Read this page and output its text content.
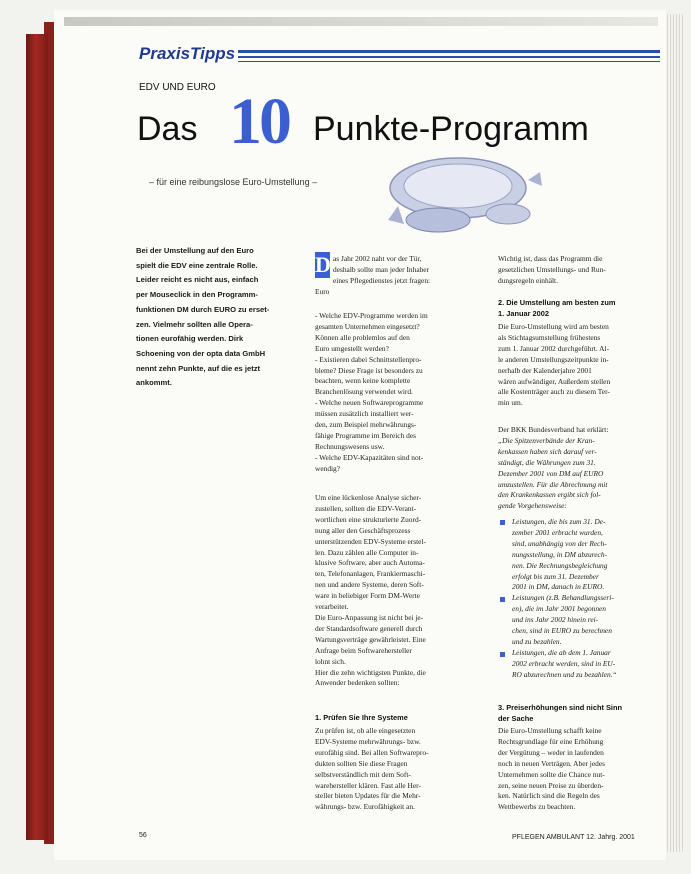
PraxisTipps
EDV UND EURO
Das 10 Punkte-Programm
– für eine reibungslose Euro-Umstellung –
Bei der Umstellung auf den Euro
spielt die EDV eine zentrale Rolle.
Leider reicht es nicht aus, einfach
per Mouseclick in den Programm-
funktionen DM durch EURO zu erset-
zen. Vielmehr sollten alle Opera-
tionen eurofähig werden. Dirk
Schoening von der opta data GmbH
nennt zehn Punkte, auf die es jetzt
ankommt.
D as Jahr 2002 naht vor der Tür,
deshalb sollte man jeder Inhaber
eines Pflegedienstes jetzt fragen:
Euro
- Welche EDV-Programme werden im
gesamten Unternehmen eingesetzt?
Können alle problemlos auf den
Euro umgestellt werden?
- Existieren dabei Schnittstellenpro-
bleme? Diese Frage ist besonders zu
beachten, wenn keine komplette
Branchenlösung verwendet wird.
- Welche neuen Softwareprogramme
müssen zusätzlich installiert wer-
den, zum Beispiel mehrwährungs-
fähige Programme im Bereich des
Rechnungswesens usw.
- Welche EDV-Kapazitäten sind not-
wendig?
Um eine lückenlose Analyse sicher-
zustellen, sollten die EDV-Verant-
wortlichen eine strukturierte Zuord-
nung aller den Geschäftsprozess
unterstützenden EDV-Systeme erstel-
len. Dazu zählen alle Computer in-
klusive Software, aber auch Automa-
ten, Telefonanlagen, Frankiermaschi-
nen und andere Systeme, deren Soft-
ware in beliebiger Form DM-Werte
verarbeitet.
Die Euro-Anpassung ist nicht bei je-
der Standardsoftware generell durch
Wartungsverträge gewährleistet. Eine
Anfrage beim Softwarehersteller
lohnt sich.
Hier die zehn wichtigsten Punkte, die
Anwender bedenken sollten:
1. Prüfen Sie Ihre Systeme
Zu prüfen ist, ob alle eingesetzten
EDV-Systeme mehrwährungs- bzw.
eurofähig sind. Bei allen Softwarepro-
dukten sollten Sie diese Fragen
selbstverständlich mit dem Soft-
warehersteller klären. Fast alle Her-
steller bieten Updates für die Mehr-
währungs- bzw. Eurofähigkeit an.
Wichtig ist, dass das Programm die
gesetzlichen Umstellungs- und Run-
dungsregeln einhält.
2. Die Umstellung am besten zum
1. Januar 2002
Die Euro-Umstellung wird am besten
als Stichtagsumstellung frühestens
zum 1. Januar 2002 durchgeführt. Al-
le anderen Umstellungszeitpunkte in-
nerhalb der Kalenderjahre 2001
wären aufwändiger, Außerdem stellen
alle Kostenträger auch zu diesem Ter-
min um.
Der BKK Bundesverband hat erklärt:
„Die Spitzenverbände der Kran-
kenkassen haben sich darauf ver-
ständigt, die Währungen zum 31.
Dezember 2001 von DM auf EURO
umzustellen. Für die Abrechnung mit
den Krankenkassen ergibt sich fol-
gende Vorgehensweise:
Leistungen, die bis zum 31. De-
zember 2001 erbracht wurden,
sind, unabhängig von der Rech-
nungsstellung, in DM abzurech-
nen. Die Rechnungsbegleichung
erfolgt bis zum 31. Dezember
2001 in DM, danach in EURO.
Leistungen (z.B. Behandlungsseri-
en), die im Jahr 2001 begonnen
und ins Jahr 2002 hinein rei-
chen, sind in EURO zu berechnen
und zu bezahlen.
Leistungen, die ab dem 1. Januar
2002 erbracht werden, sind in EU-
RO abzurechnen und zu bezahlen.“
3. Preiserhöhungen sind nicht Sinn
der Sache
Die Euro-Umstellung schafft keine
Rechtsgrundlage für eine Erhöhung
der Vergütung – weder in laufenden
noch in neuen Verträgen. Aber jedes
Unternehmen sollte die Chance nut-
zen, seine neuen Preise zu überden-
ken. Natürlich sind die Regeln des
Wettbewerbs zu beachten.
56	PFLEGEN AMBULANT 12. Jahrg. 2001
